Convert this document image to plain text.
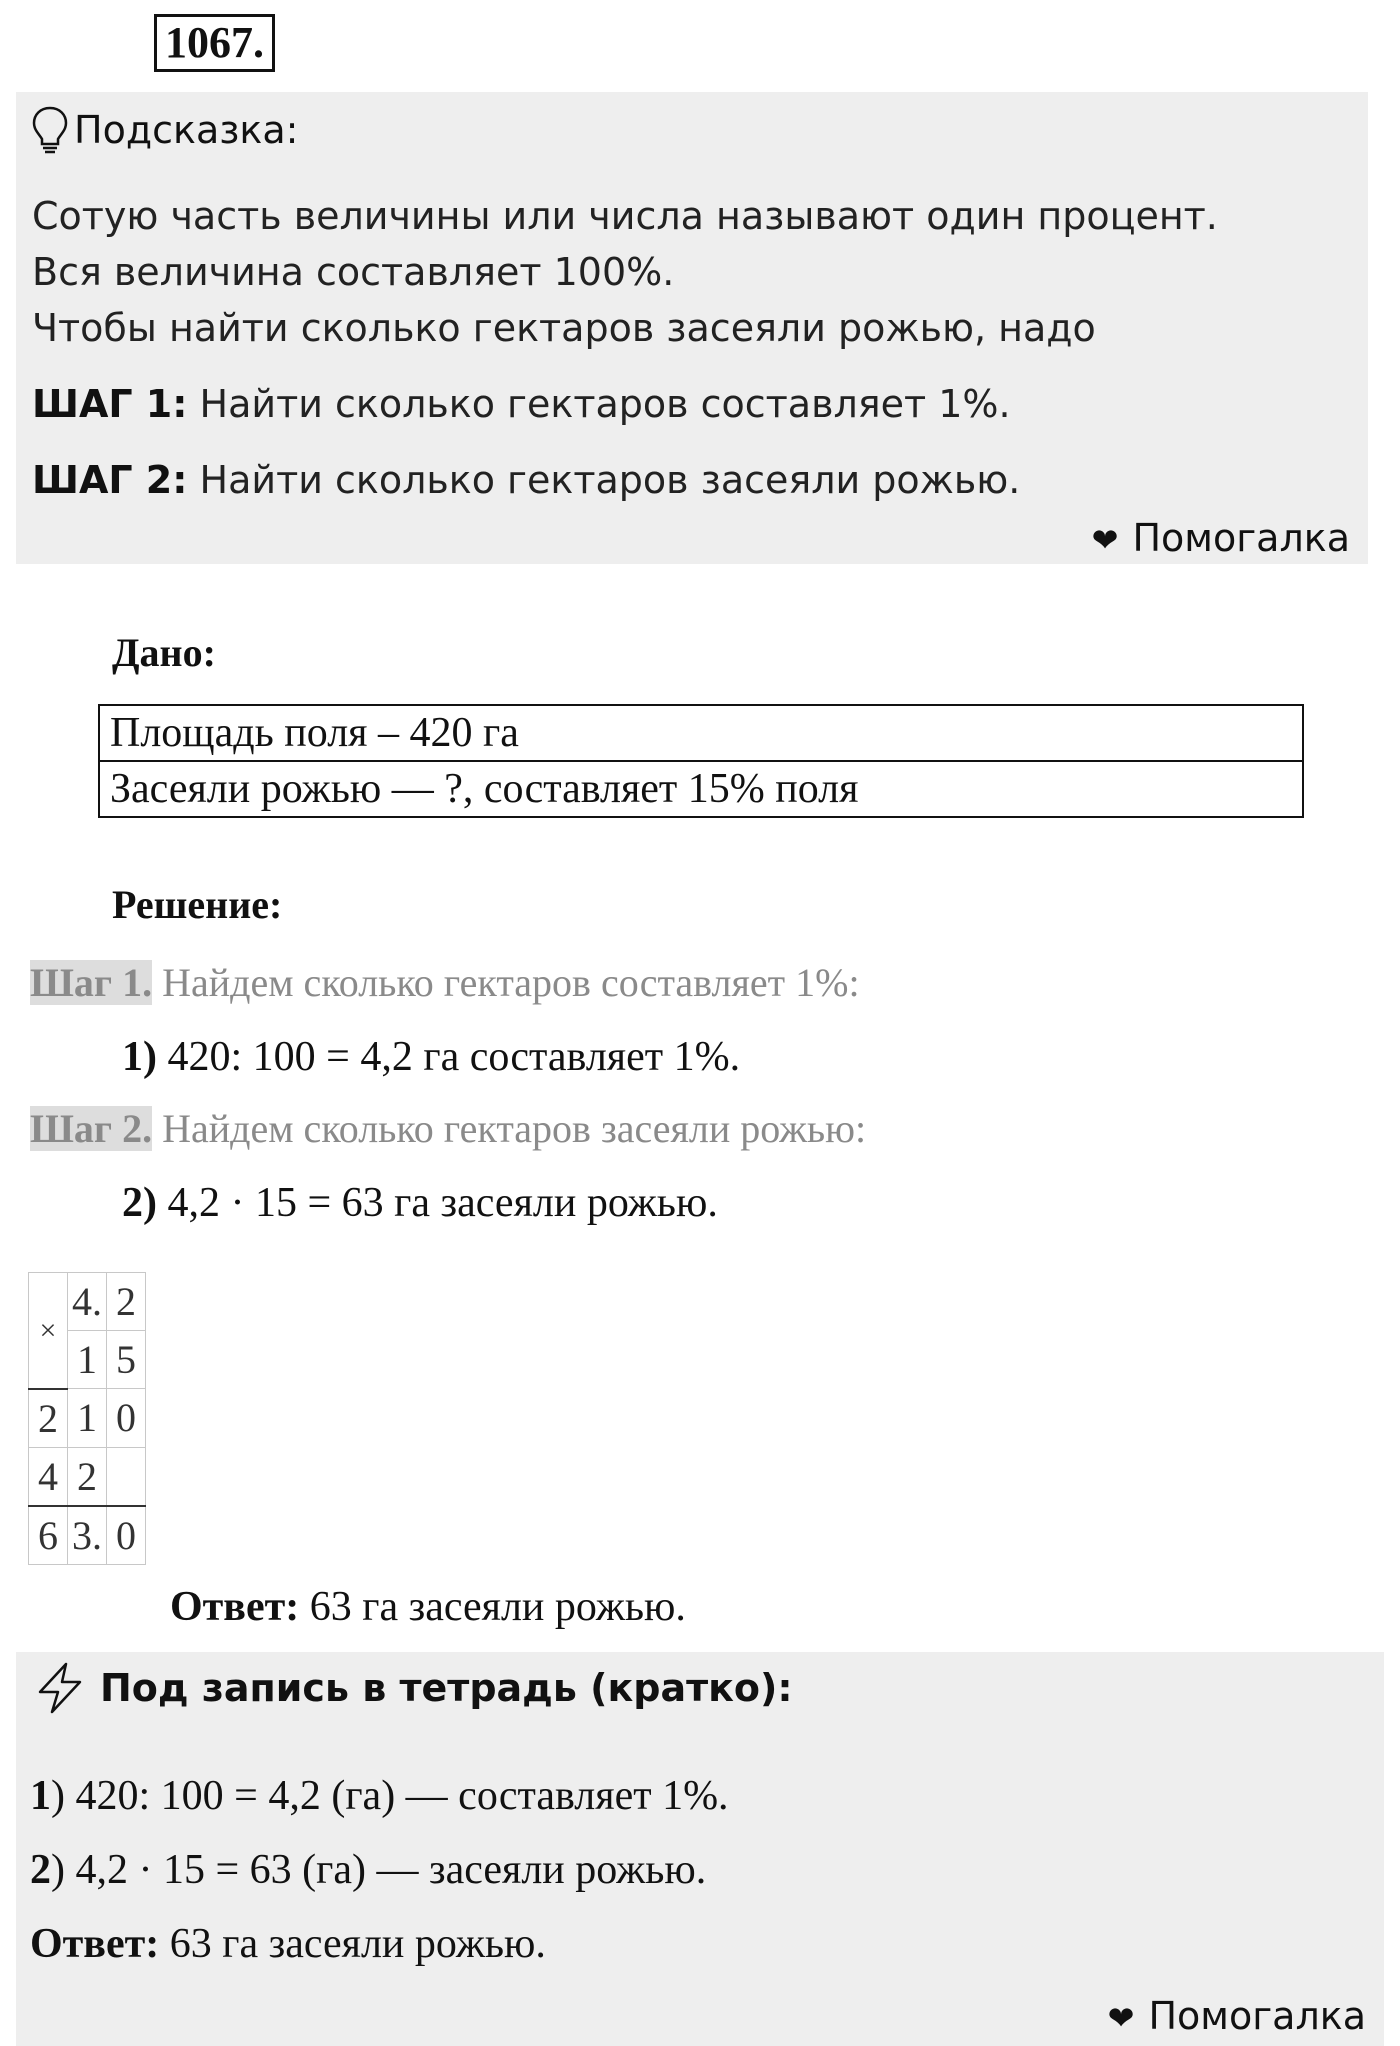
1067.
Подсказка:
Сотую часть величины или числа называют один процент.
Вся величина составляет 100%.
Чтобы найти сколько гектаров засеяли рожью, надо
ШАГ 1: Найти сколько гектаров составляет 1%.
ШАГ 2: Найти сколько гектаров засеяли рожью.
❤ Помогалка
Дано:
Площадь поля – 420 га
Засеяли рожью — ?, составляет 15% поля
Решение:
Шаг 1. Найдем сколько гектаров составляет 1%:
1) 420: 100 = 4,2 га составляет 1%.
Шаг 2. Найдем сколько гектаров засеяли рожью:
2) 4,2 · 15 = 63 га засеяли рожью.
×	4.	2
	1	5
2	1	0
4	2	
6	3.	0
Ответ: 63 га засеяли рожью.
Под запись в тетрадь (кратко):
1) 420: 100 = 4,2 (га) — составляет 1%.
2) 4,2 · 15 = 63 (га) — засеяли рожью.
Ответ: 63 га засеяли рожью.
❤ Помогалка
